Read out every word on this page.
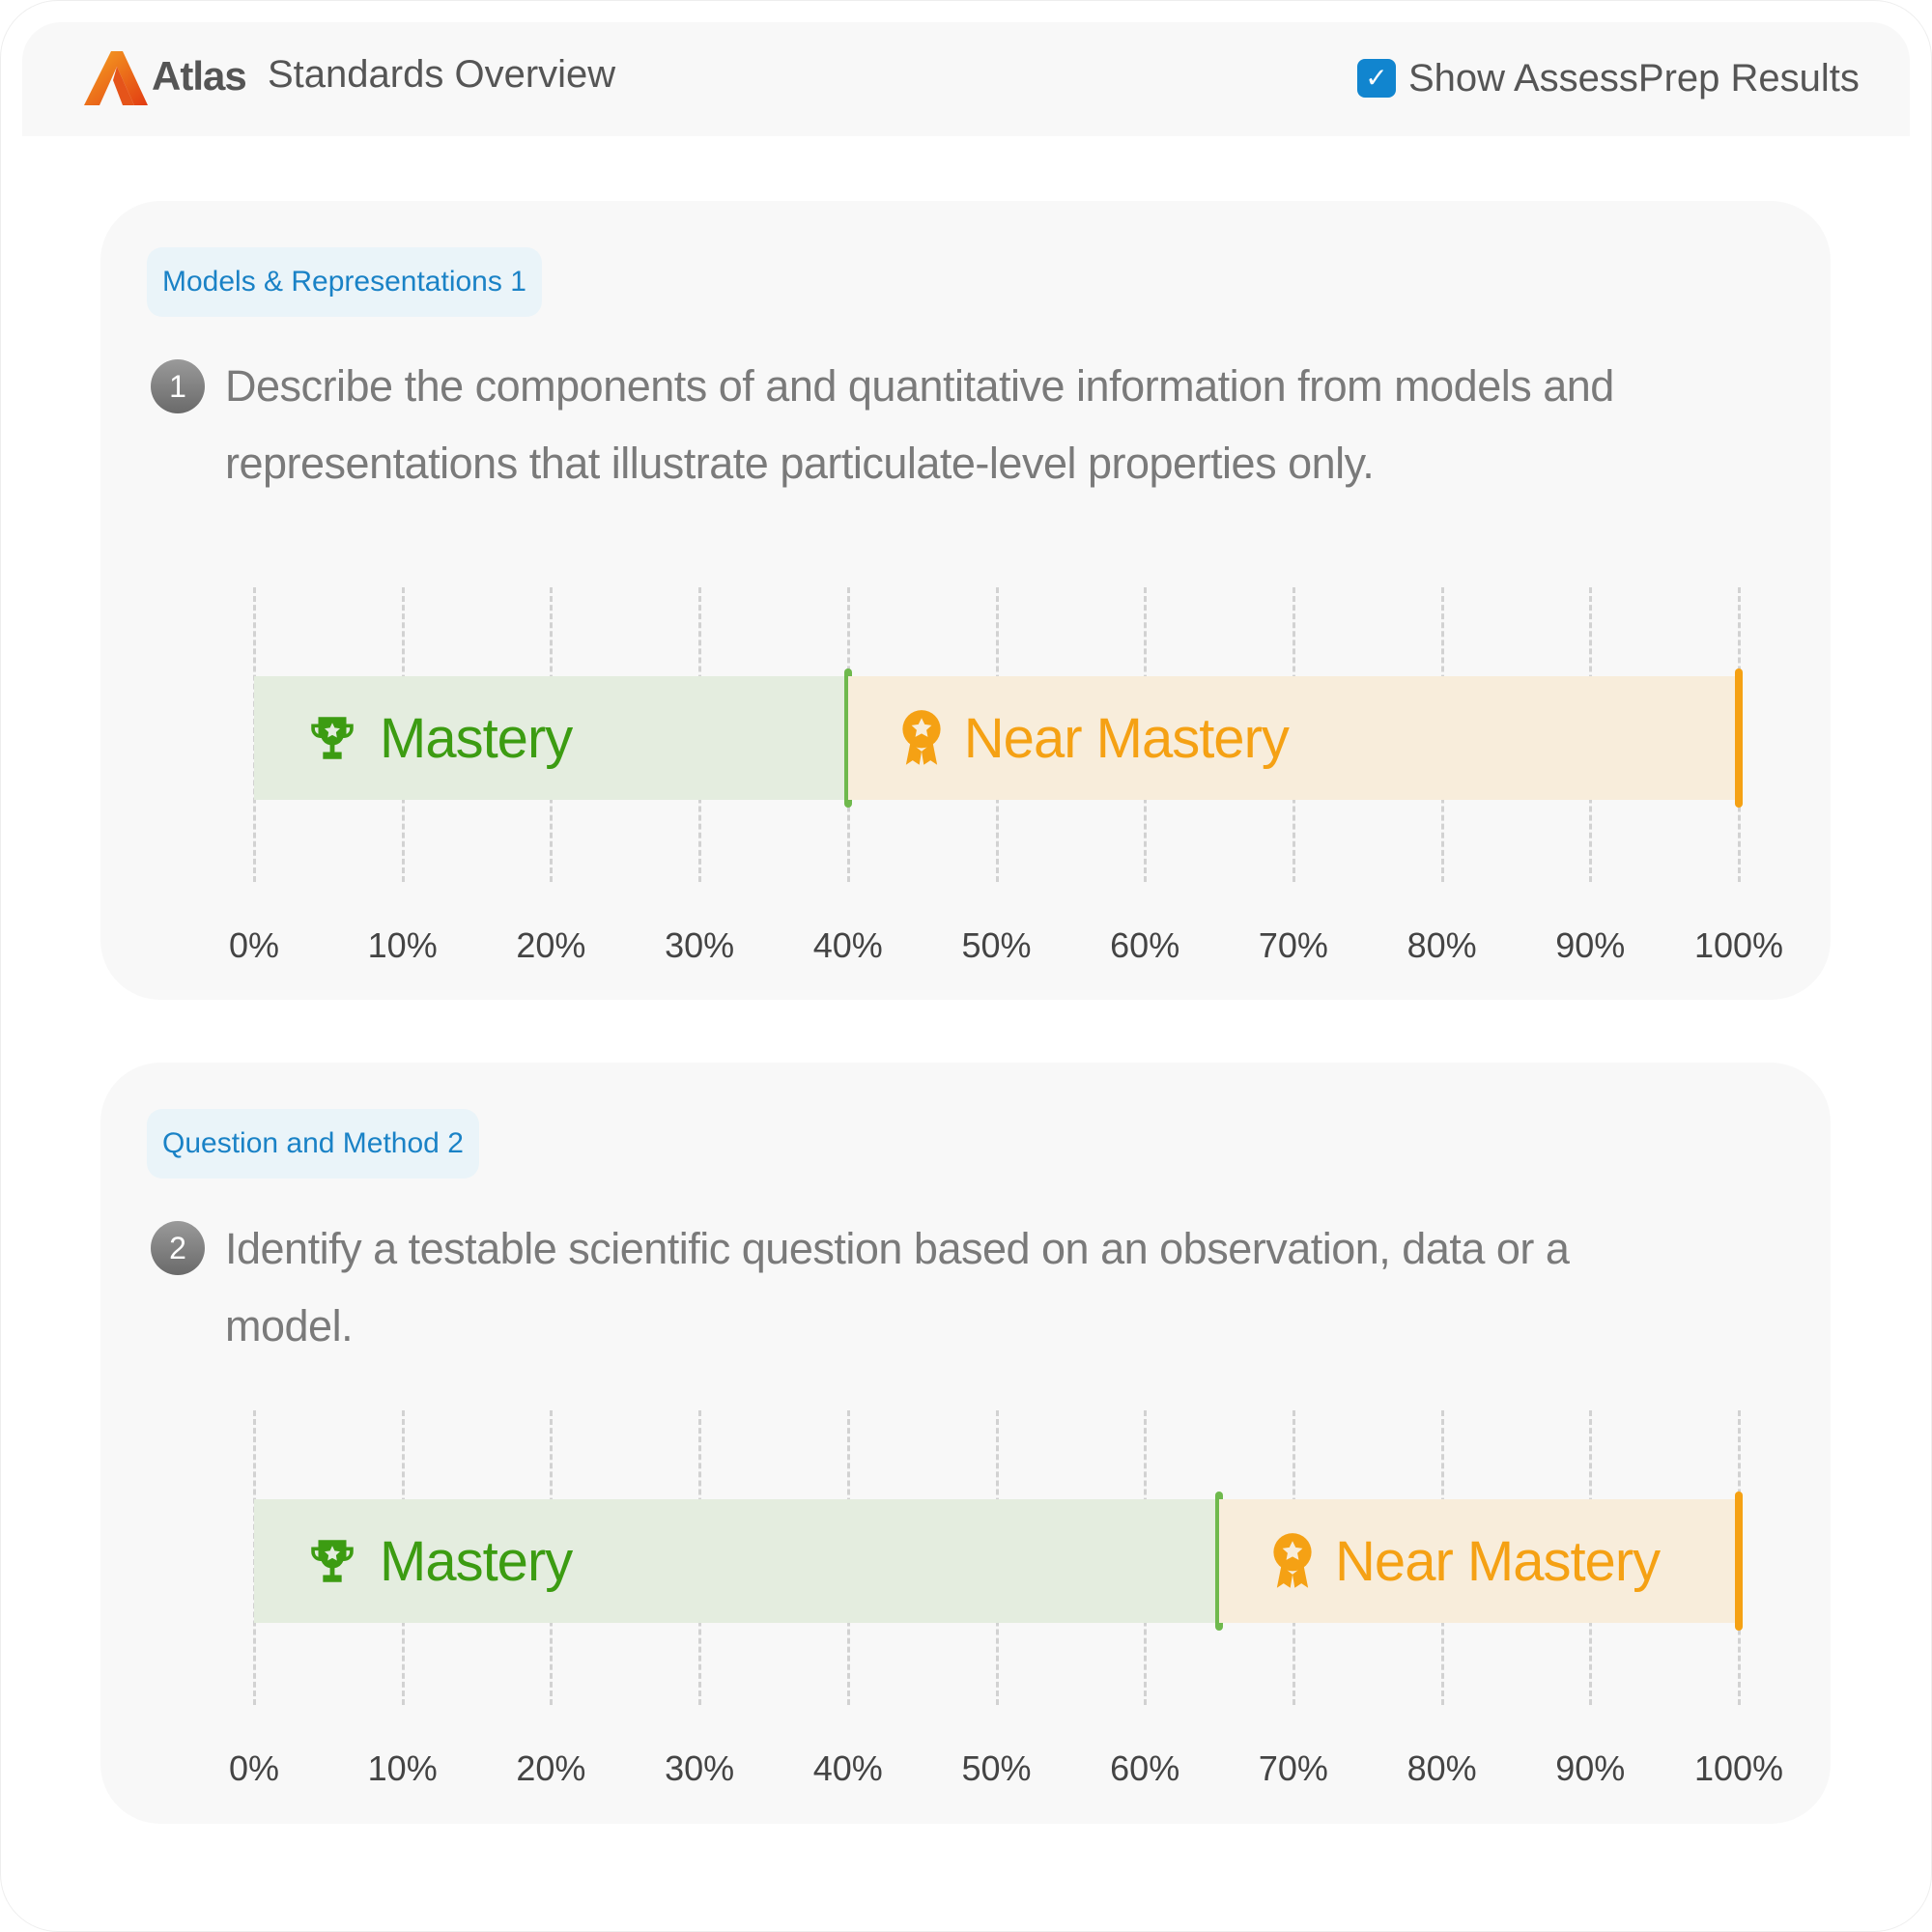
Atlas Standards Overview	✓ Show AssessPrep Results
Models & Representations 1
1 Describe the components of and quantitative information from models and representations that illustrate particulate-level properties only.
0%	10% 20% 30% 40% 50% 60% 70% 80% 90% 100%
Mastery	Near Mastery
Question and Method 2
2 Identify a testable scientific question based on an observation, data or a model.
0%	10% 20% 30% 40% 50% 60% 70% 80% 90% 100%
Mastery	Near Mastery
